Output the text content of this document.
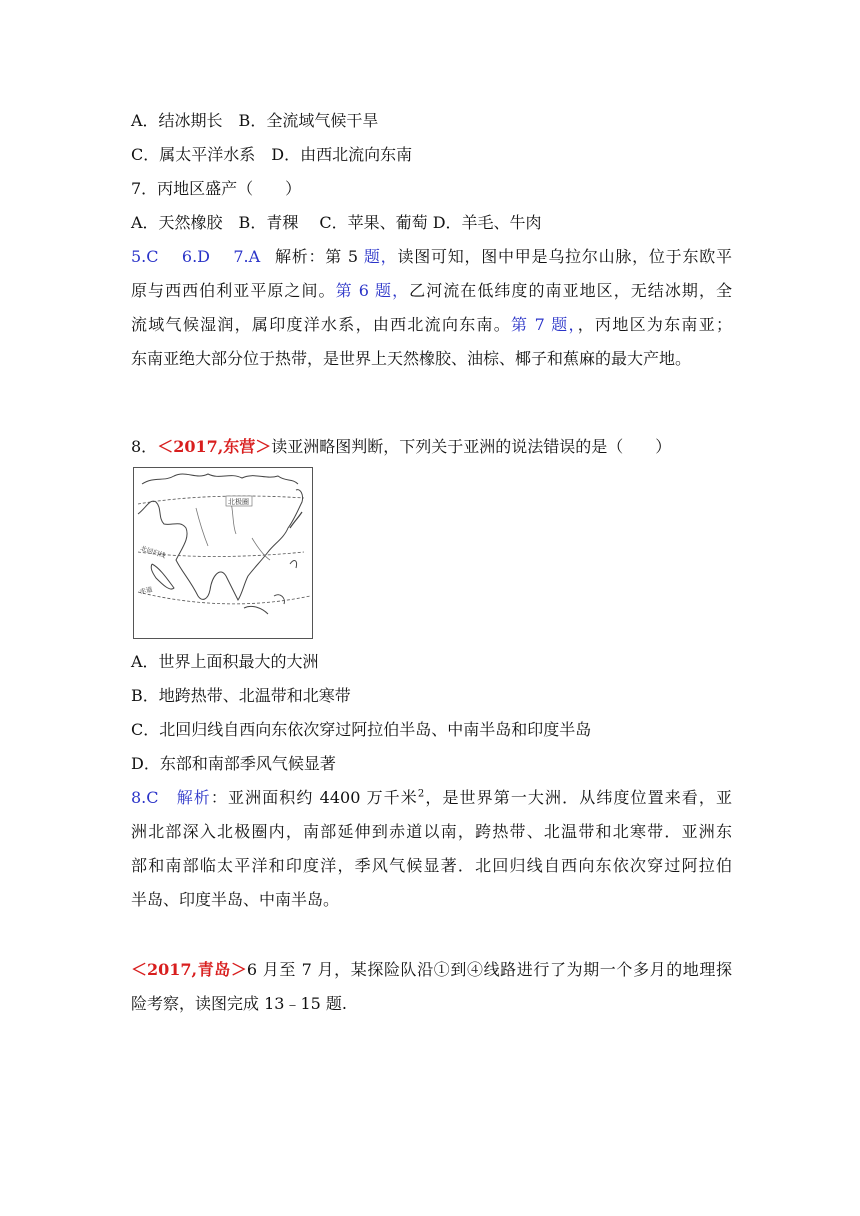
A．结冰期长　B．全流域气候干旱
C．属太平洋水系　D．由西北流向东南
7．丙地区盛产（　　）
A．天然橡胶　B．青稞　 C．苹果、葡萄 D．羊毛、牛肉
5.C　 6.D　 7.A 解析：第 5 题，读图可知，图中甲是乌拉尔山脉，位于东欧平
原与西西伯利亚平原之间。第 6 题，乙河流在低纬度的南亚地区，无结冰期，全
流域气候湿润，属印度洋水系，由西北流向东南。第 7 题，，丙地区为东南亚；
东南亚绝大部分位于热带，是世界上天然橡胶、油棕、椰子和蕉麻的最大产地。
8．＜2017,东营＞读亚洲略图判断，下列关于亚洲的说法错误的是（　　）
北极圈
北回归线
赤道
A．世界上面积最大的大洲
B．地跨热带、北温带和北寒带
C．北回归线自西向东依次穿过阿拉伯半岛、中南半岛和印度半岛
D．东部和南部季风气候显著
8.C　解析：亚洲面积约 4400 万千米$^2$，是世界第一大洲．从纬度位置来看，亚
洲北部深入北极圈内，南部延伸到赤道以南，跨热带、北温带和北寒带．亚洲东
部和南部临太平洋和印度洋，季风气候显著．北回归线自西向东依次穿过阿拉伯
半岛、印度半岛、中南半岛。
＜2017,青岛＞6 月至 7 月，某探险队沿①到④线路进行了为期一个多月的地理探
险考察，读图完成 13﹣15 题.
